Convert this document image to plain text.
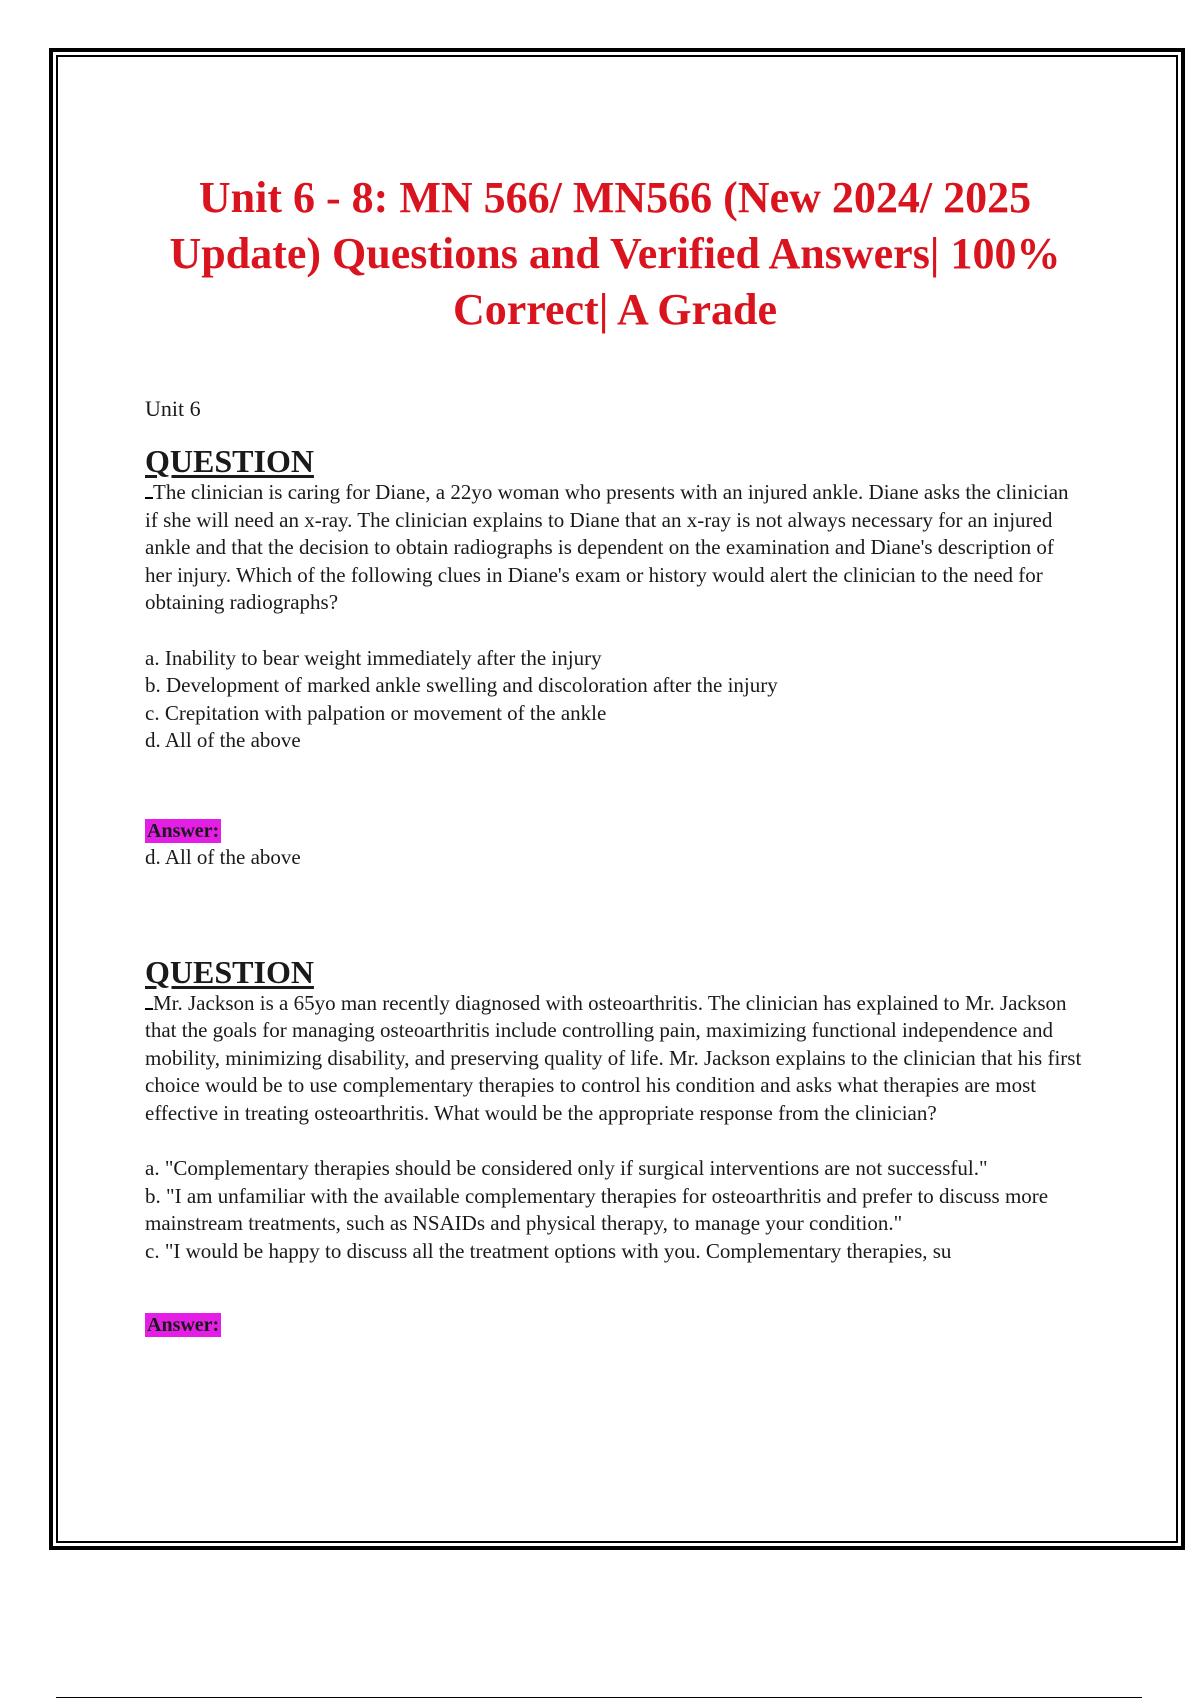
Unit 6 - 8: MN 566/ MN566 (New 2024/ 2025 Update) Questions and Verified Answers| 100% Correct| A Grade
Unit 6
QUESTION

The clinician is caring for Diane, a 22yo woman who presents with an injured ankle. Diane asks the clinician if she will need an x-ray. The clinician explains to Diane that an x-ray is not always necessary for an injured ankle and that the decision to obtain radiographs is dependent on the examination and Diane's description of her injury. Which of the following clues in Diane's exam or history would alert the clinician to the need for obtaining radiographs?

a. Inability to bear weight immediately after the injury
b. Development of marked ankle swelling and discoloration after the injury
c. Crepitation with palpation or movement of the ankle
d. All of the above
Answer:
d. All of the above
QUESTION

Mr. Jackson is a 65yo man recently diagnosed with osteoarthritis. The clinician has explained to Mr. Jackson that the goals for managing osteoarthritis include controlling pain, maximizing functional independence and mobility, minimizing disability, and preserving quality of life. Mr. Jackson explains to the clinician that his first choice would be to use complementary therapies to control his condition and asks what therapies are most effective in treating osteoarthritis. What would be the appropriate response from the clinician?

a. "Complementary therapies should be considered only if surgical interventions are not successful."
b. "I am unfamiliar with the available complementary therapies for osteoarthritis and prefer to discuss more mainstream treatments, such as NSAIDs and physical therapy, to manage your condition."
c. "I would be happy to discuss all the treatment options with you. Complementary therapies, su
Answer:
